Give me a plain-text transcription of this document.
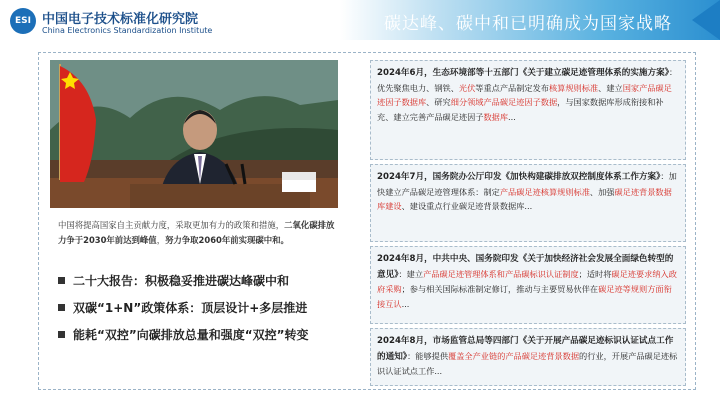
ESI 中国电子技术标准化研究院
China Electronics Standardization Institute	碳达峰、碳中和已明确成为国家战略
中国将提高国家自主贡献力度，采取更加有力的政策和措施，二氧化碳排放力争于2030年前达到峰值，努力争取2060年前实现碳中和。
二十大报告：积极稳妥推进碳达峰碳中和
双碳“1+N”政策体系：顶层设计+多层推进
能耗“双控”向碳排放总量和强度“双控”转变
2024年6月，生态环境部等十五部门《关于建立碳足迹管理体系的实施方案》：优先聚焦电力、钢铁、光伏等重点产品制定发布核算规则标准、建立国家产品碳足迹因子数据库、研究细分领域产品碳足迹因子数据，与国家数据库形成衔接和补充、建立完善产品碳足迹因子数据库...
2024年7月，国务院办公厅印发《加快构建碳排放双控制度体系工作方案》：加快建立产品碳足迹管理体系：制定产品碳足迹核算规则标准、加强碳足迹背景数据库建设、建设重点行业碳足迹背景数据库...
2024年8月，中共中央、国务院印发《关于加快经济社会发展全面绿色转型的意见》：建立产品碳足迹管理体系和产品碳标识认证制度；适时将碳足迹要求纳入政府采购；参与相关国际标准制定修订，推动与主要贸易伙伴在碳足迹等规则方面衔接互认...
2024年8月，市场监管总局等四部门《关于开展产品碳足迹标识认证试点工作的通知》：能够提供覆盖全产业链的产品碳足迹背景数据的行业，开展产品碳足迹标识认证试点工作...
